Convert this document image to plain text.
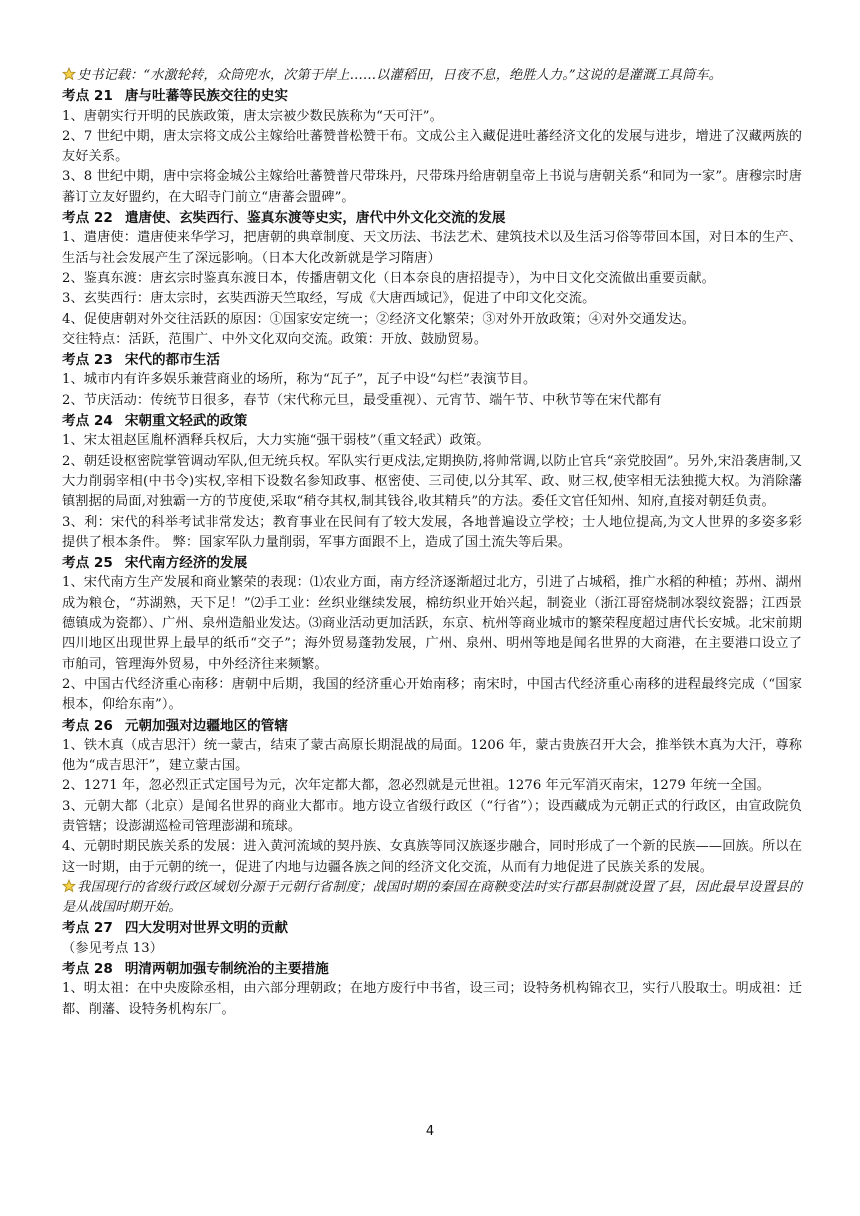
史书记载：“水激轮转，众筒兜水，次第于岸上……以灌稻田，日夜不息，绝胜人力。”这说的是灌溉工具筒车。

考点 21 唐与吐蕃等民族交往的史实

1、唐朝实行开明的民族政策，唐太宗被少数民族称为“天可汗”。

2、7 世纪中期，唐太宗将文成公主嫁给吐蕃赞普松赞干布。文成公主入藏促进吐蕃经济文化的发展与进步，增进了汉藏两族的友好关系。

3、8 世纪中期，唐中宗将金城公主嫁给吐蕃赞普尺带珠丹，尺带珠丹给唐朝皇帝上书说与唐朝关系“和同为一家”。唐穆宗时唐蕃订立友好盟约，在大昭寺门前立“唐蕃会盟碑”。

考点 22 遣唐使、玄奘西行、鉴真东渡等史实，唐代中外文化交流的发展

1、遣唐使：遣唐使来华学习，把唐朝的典章制度、天文历法、书法艺术、建筑技术以及生活习俗等带回本国，对日本的生产、生活与社会发展产生了深远影响。（日本大化改新就是学习隋唐）

2、鉴真东渡：唐玄宗时鉴真东渡日本，传播唐朝文化（日本奈良的唐招提寺），为中日文化交流做出重要贡献。

3、玄奘西行：唐太宗时，玄奘西游天竺取经，写成《大唐西域记》，促进了中印文化交流。

4、促使唐朝对外交往活跃的原因：①国家安定统一；②经济文化繁荣；③对外开放政策；④对外交通发达。

交往特点：活跃，范围广、中外文化双向交流。政策：开放、鼓励贸易。

考点 23 宋代的都市生活

1、城市内有许多娱乐兼营商业的场所，称为“瓦子”，瓦子中设“勾栏”表演节目。

2、节庆活动：传统节日很多，春节（宋代称元旦，最受重视）、元宵节、端午节、中秋节等在宋代都有

考点 24 宋朝重文轻武的政策

1、宋太祖赵匡胤杯酒释兵权后，大力实施“强干弱枝”（重文轻武）政策。

2、朝廷设枢密院掌管调动军队,但无统兵权。军队实行更戍法,定期换防,将帅常调,以防止官兵“亲党胶固”。另外,宋沿袭唐制,又大力削弱宰相(中书令)实权,宰相下设数名参知政事、枢密使、三司使,以分其军、政、财三权,使宰相无法独揽大权。为消除藩镇割据的局面,对独霸一方的节度使,采取“稍夺其权,制其钱谷,收其精兵”的方法。委任文官任知州、知府,直接对朝廷负责。

3、利：宋代的科举考试非常发达；教育事业在民间有了较大发展，各地普遍设立学校；士人地位提高,为文人世界的多姿多彩提供了根本条件。 弊：国家军队力量削弱，军事方面跟不上，造成了国土流失等后果。

考点 25 宋代南方经济的发展

1、宋代南方生产发展和商业繁荣的表现：⑴农业方面，南方经济逐渐超过北方，引进了占城稻，推广水稻的种植；苏州、湖州成为粮仓，“苏湖熟，天下足！”⑵手工业：丝织业继续发展，棉纺织业开始兴起，制瓷业（浙江哥窑烧制冰裂纹瓷器；江西景德镇成为瓷都）、广州、泉州造船业发达。⑶商业活动更加活跃，东京、杭州等商业城市的繁荣程度超过唐代长安城。北宋前期四川地区出现世界上最早的纸币“交子”；海外贸易蓬勃发展，广州、泉州、明州等地是闻名世界的大商港，在主要港口设立了市舶司，管理海外贸易，中外经济往来频繁。

2、中国古代经济重心南移：唐朝中后期，我国的经济重心开始南移；南宋时，中国古代经济重心南移的进程最终完成（“国家根本，仰给东南”）。

考点 26 元朝加强对边疆地区的管辖

1、铁木真（成吉思汗）统一蒙古，结束了蒙古高原长期混战的局面。1206 年，蒙古贵族召开大会，推举铁木真为大汗，尊称他为“成吉思汗”，建立蒙古国。

2、1271 年，忽必烈正式定国号为元，次年定都大都，忽必烈就是元世祖。1276 年元军消灭南宋，1279 年统一全国。

3、元朝大都（北京）是闻名世界的商业大都市。地方设立省级行政区（“行省”）；设西藏成为元朝正式的行政区，由宣政院负责管辖；设澎湖巡检司管理澎湖和琉球。

4、元朝时期民族关系的发展：进入黄河流域的契丹族、女真族等同汉族逐步融合，同时形成了一个新的民族——回族。所以在这一时期，由于元朝的统一，促进了内地与边疆各族之间的经济文化交流，从而有力地促进了民族关系的发展。

我国现行的省级行政区域划分源于元朝行省制度；战国时期的秦国在商鞅变法时实行郡县制就设置了县，因此最早设置县的是从战国时期开始。

考点 27 四大发明对世界文明的贡献

（参见考点 13）

考点 28 明清两朝加强专制统治的主要措施

1、明太祖：在中央废除丞相，由六部分理朝政；在地方废行中书省，设三司；设特务机构锦衣卫，实行八股取士。明成祖：迁都、削藩、设特务机构东厂。

4
